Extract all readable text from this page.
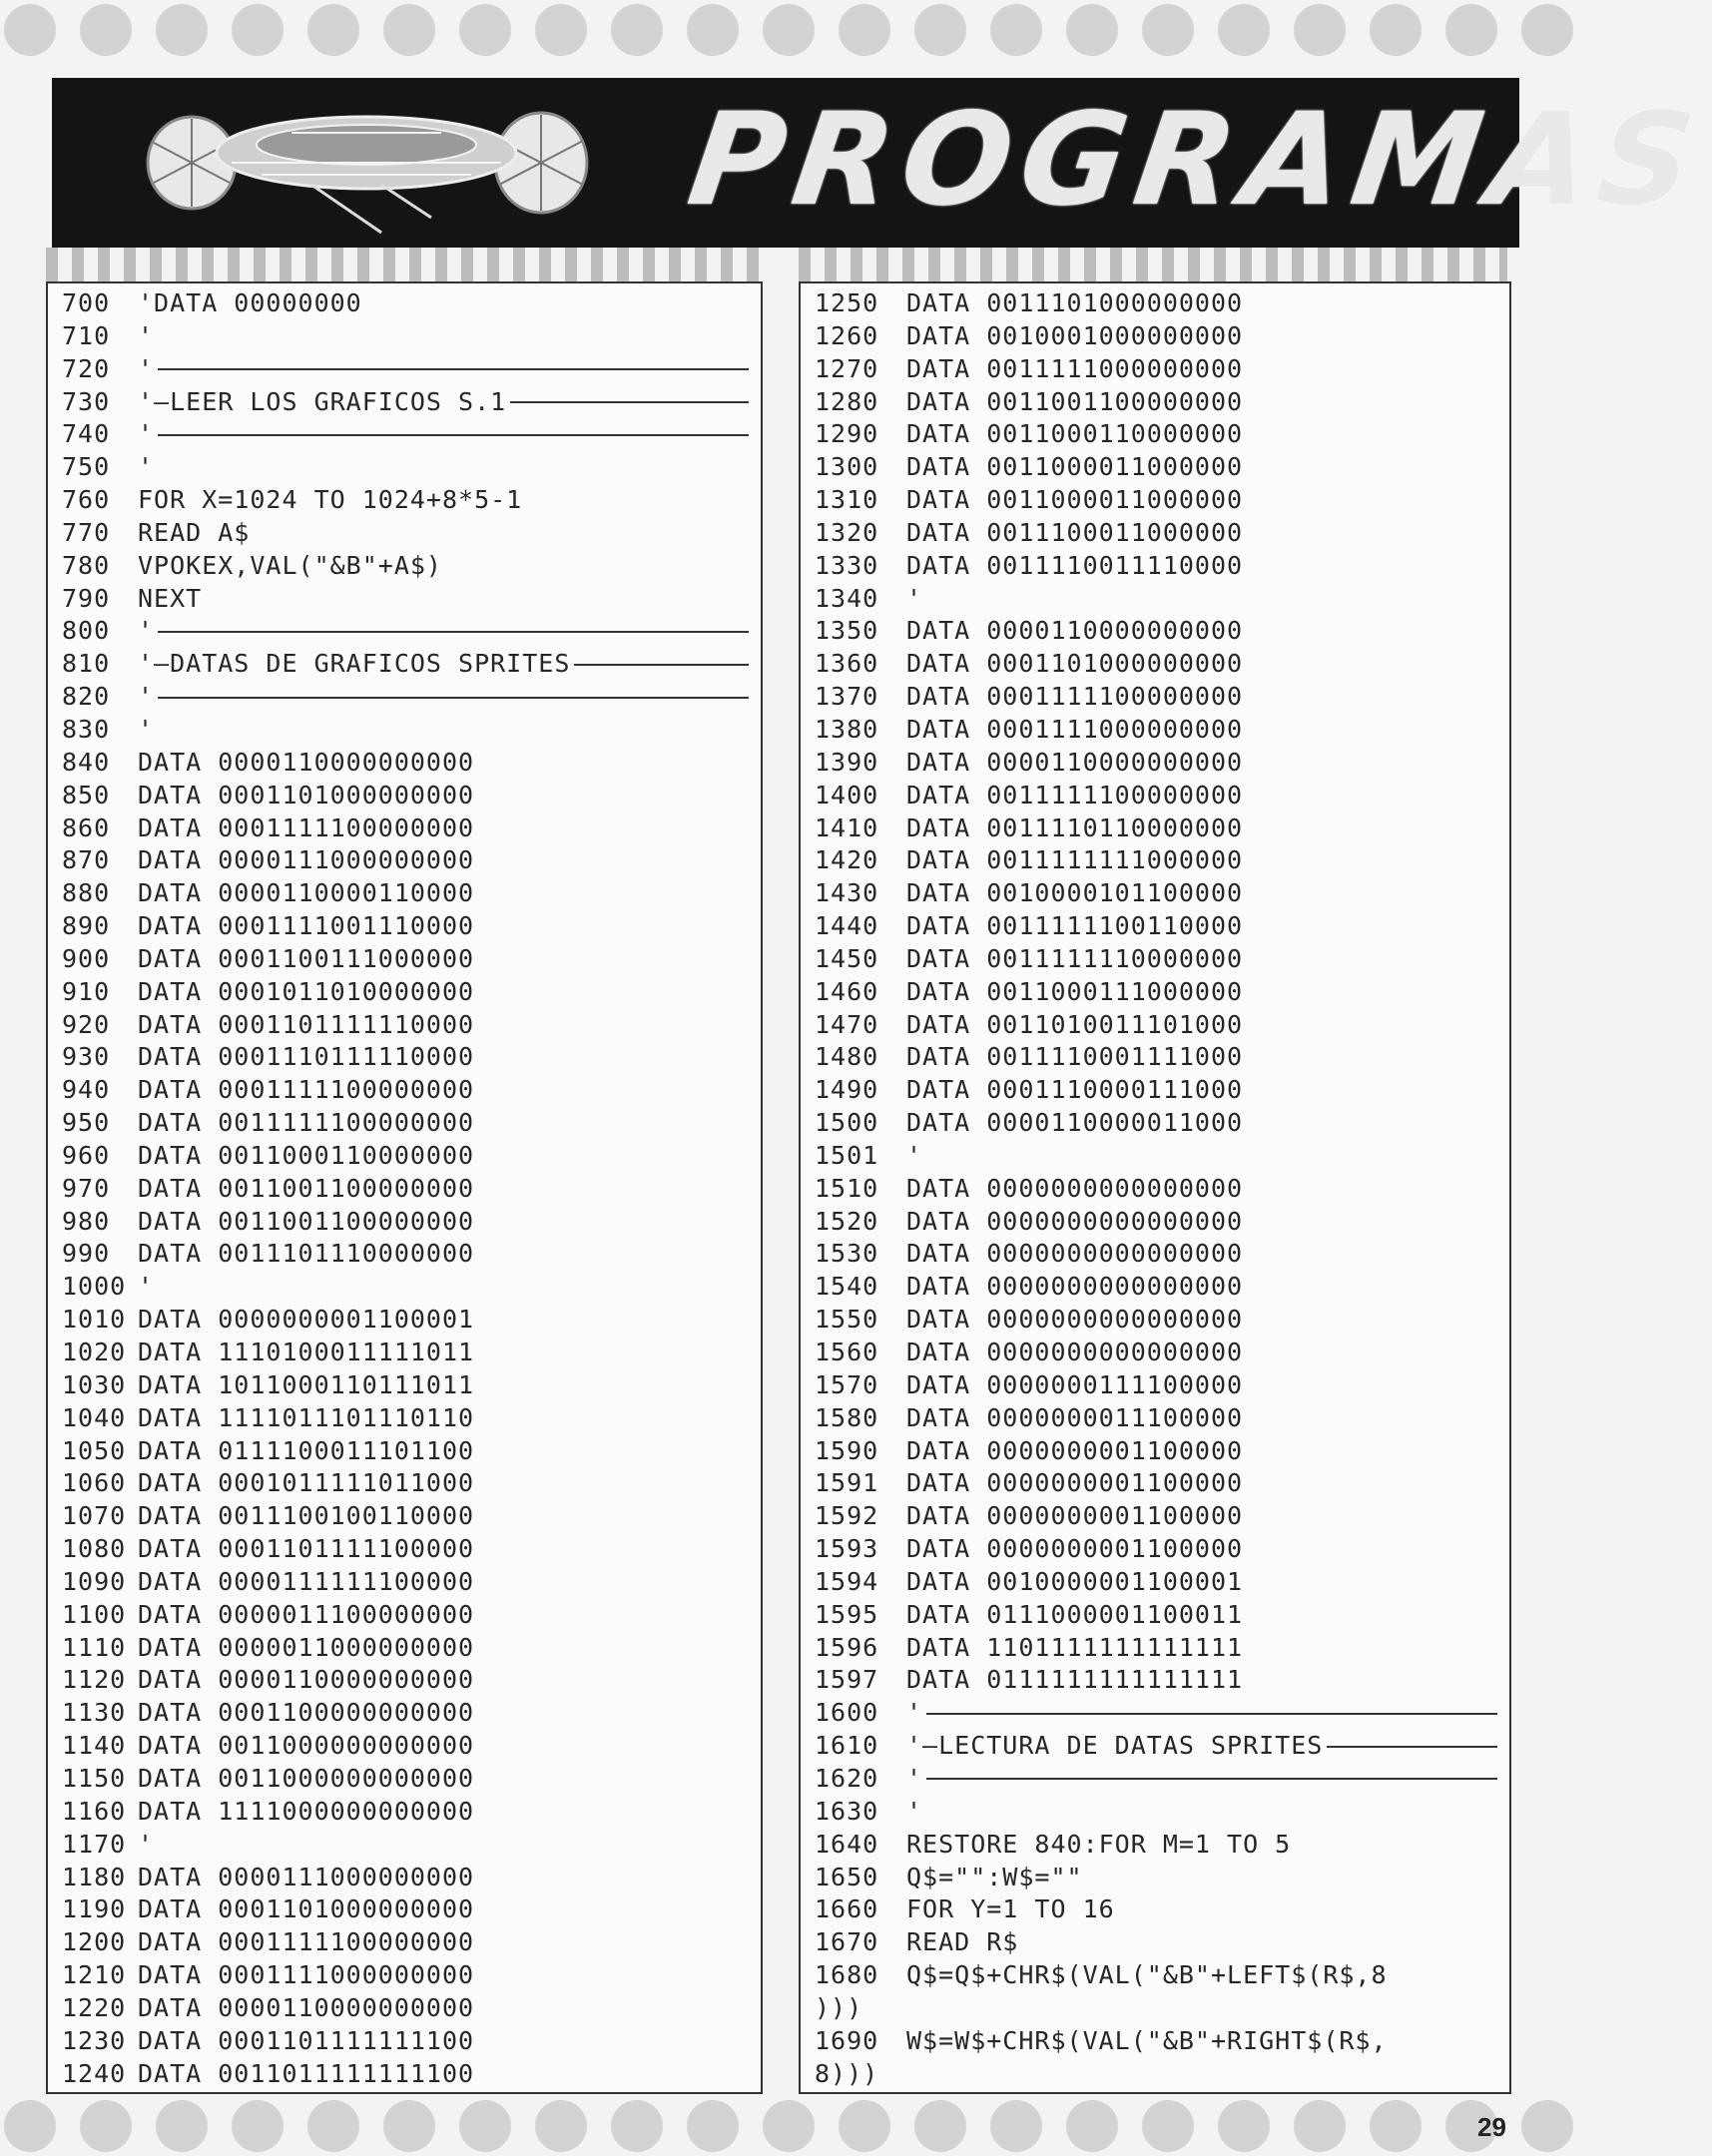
PROGRAMAS
700	'DATA 00000000
710	'
720	'
730	'—LEER LOS GRAFICOS S.1
740	'
750	'
760	FOR X=1024 TO 1024+8*5-1
770	READ A$
780	VPOKEX,VAL("&B"+A$)
790	NEXT
800	'
810	'—DATAS DE GRAFICOS SPRITES
820	'
830	'
840	DATA 0000110000000000
850	DATA 0001101000000000
860	DATA 0001111100000000
870	DATA 0000111000000000
880	DATA 0000110000110000
890	DATA 0001111001110000
900	DATA 0001100111000000
910	DATA 0001011010000000
920	DATA 0001101111110000
930	DATA 0001110111110000
940	DATA 0001111100000000
950	DATA 0011111100000000
960	DATA 0011000110000000
970	DATA 0011001100000000
980	DATA 0011001100000000
990	DATA 0011101110000000
1000 '
1010 DATA 0000000001100001
1020 DATA 1110100011111011
1030 DATA 1011000110111011
1040 DATA 1111011101110110
1050 DATA 0111100011101100
1060 DATA 0001011111011000
1070 DATA 0011100100110000
1080 DATA 0001101111100000
1090 DATA 0000111111100000
1100 DATA 0000011100000000
1110 DATA 0000011000000000
1120 DATA 0000110000000000
1130 DATA 0001100000000000
1140 DATA 0011000000000000
1150 DATA 0011000000000000
1160 DATA 1111000000000000
1170 '
1180 DATA 0000111000000000
1190 DATA 0001101000000000
1200 DATA 0001111100000000
1210 DATA 0001111000000000
1220 DATA 0000110000000000
1230 DATA 0001101111111100
1240 DATA 0011011111111100
1250	DATA 0011101000000000
1260	DATA 0010001000000000
1270	DATA 0011111000000000
1280	DATA 0011001100000000
1290	DATA 0011000110000000
1300	DATA 0011000011000000
1310	DATA 0011000011000000
1320	DATA 0011100011000000
1330	DATA 0011110011110000
1340	'
1350	DATA 0000110000000000
1360	DATA 0001101000000000
1370	DATA 0001111100000000
1380	DATA 0001111000000000
1390	DATA 0000110000000000
1400	DATA 0011111100000000
1410	DATA 0011110110000000
1420	DATA 0011111111000000
1430	DATA 0010000101100000
1440	DATA 0011111100110000
1450	DATA 0011111110000000
1460	DATA 0011000111000000
1470	DATA 0011010011101000
1480	DATA 0011110001111000
1490	DATA 0001110000111000
1500	DATA 0000110000011000
1501	'
1510	DATA 0000000000000000
1520	DATA 0000000000000000
1530	DATA 0000000000000000
1540	DATA 0000000000000000
1550	DATA 0000000000000000
1560	DATA 0000000000000000
1570	DATA 0000000111100000
1580	DATA 0000000011100000
1590	DATA 0000000001100000
1591	DATA 0000000001100000
1592	DATA 0000000001100000
1593	DATA 0000000001100000
1594	DATA 0010000001100001
1595	DATA 0111000001100011
1596	DATA 1101111111111111
1597	DATA 0111111111111111
1600	'
1610	'—LECTURA DE DATAS SPRITES
1620	'
1630	'
1640	RESTORE 840:FOR M=1 TO 5
1650	Q$="":W$=""
1660	FOR Y=1 TO 16
1670	READ R$
1680	Q$=Q$+CHR$(VAL("&B"+LEFT$(R$,8
)))
1690	W$=W$+CHR$(VAL("&B"+RIGHT$(R$,
8)))
29
